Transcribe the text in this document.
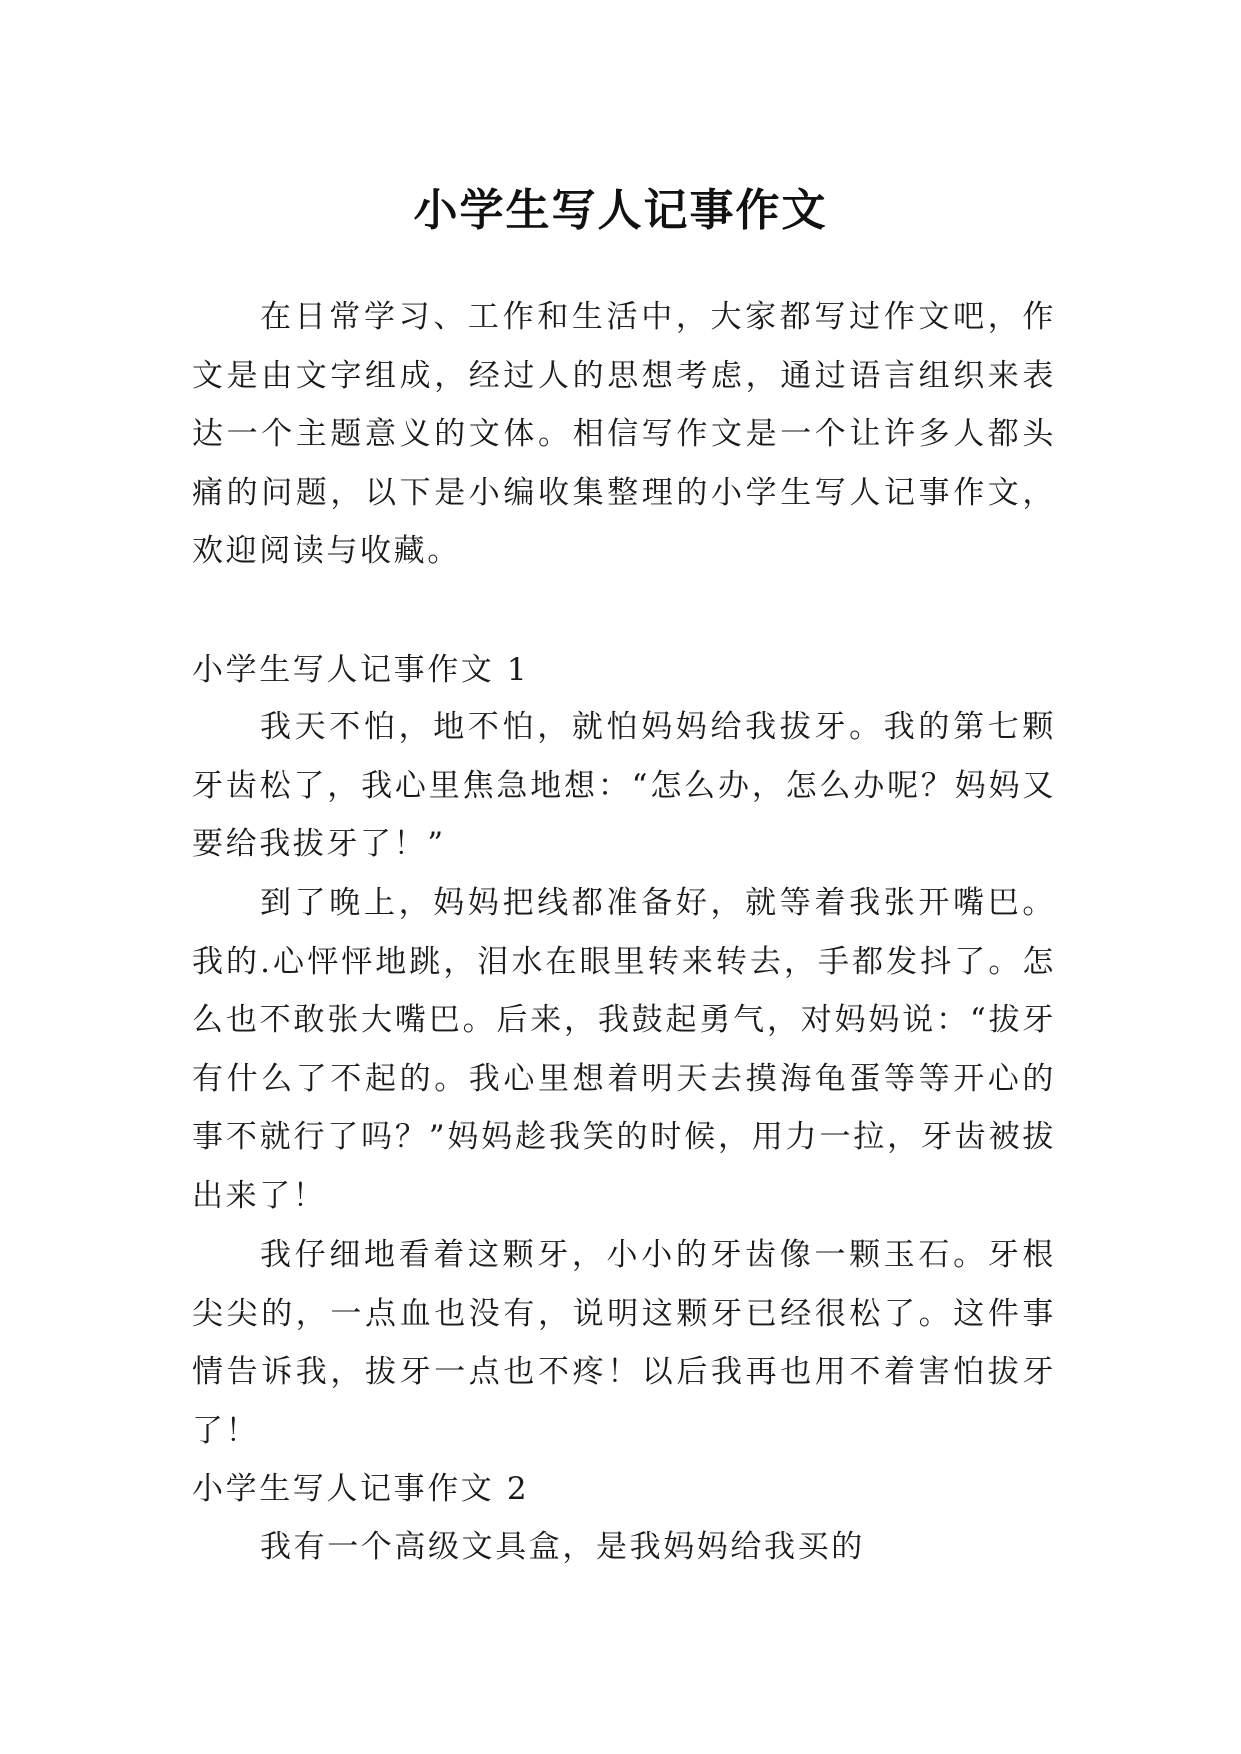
小学生写人记事作文

在日常学习、工作和生活中，大家都写过作文吧，作文是由文字组成，经过人的思想考虑，通过语言组织来表达一个主题意义的文体。相信写作文是一个让许多人都头痛的问题，以下是小编收集整理的小学生写人记事作文，欢迎阅读与收藏。

小学生写人记事作文 1

我天不怕，地不怕，就怕妈妈给我拔牙。我的第七颗牙齿松了，我心里焦急地想：“怎么办，怎么办呢？妈妈又要给我拔牙了！”

到了晚上，妈妈把线都准备好，就等着我张开嘴巴。我的.心怦怦地跳，泪水在眼里转来转去，手都发抖了。怎么也不敢张大嘴巴。后来，我鼓起勇气，对妈妈说：“拔牙有什么了不起的。我心里想着明天去摸海龟蛋等等开心的事不就行了吗？”妈妈趁我笑的时候，用力一拉，牙齿被拔出来了！

我仔细地看着这颗牙，小小的牙齿像一颗玉石。牙根尖尖的，一点血也没有，说明这颗牙已经很松了。这件事情告诉我，拔牙一点也不疼！以后我再也用不着害怕拔牙了！

小学生写人记事作文 2

我有一个高级文具盒，是我妈妈给我买的
